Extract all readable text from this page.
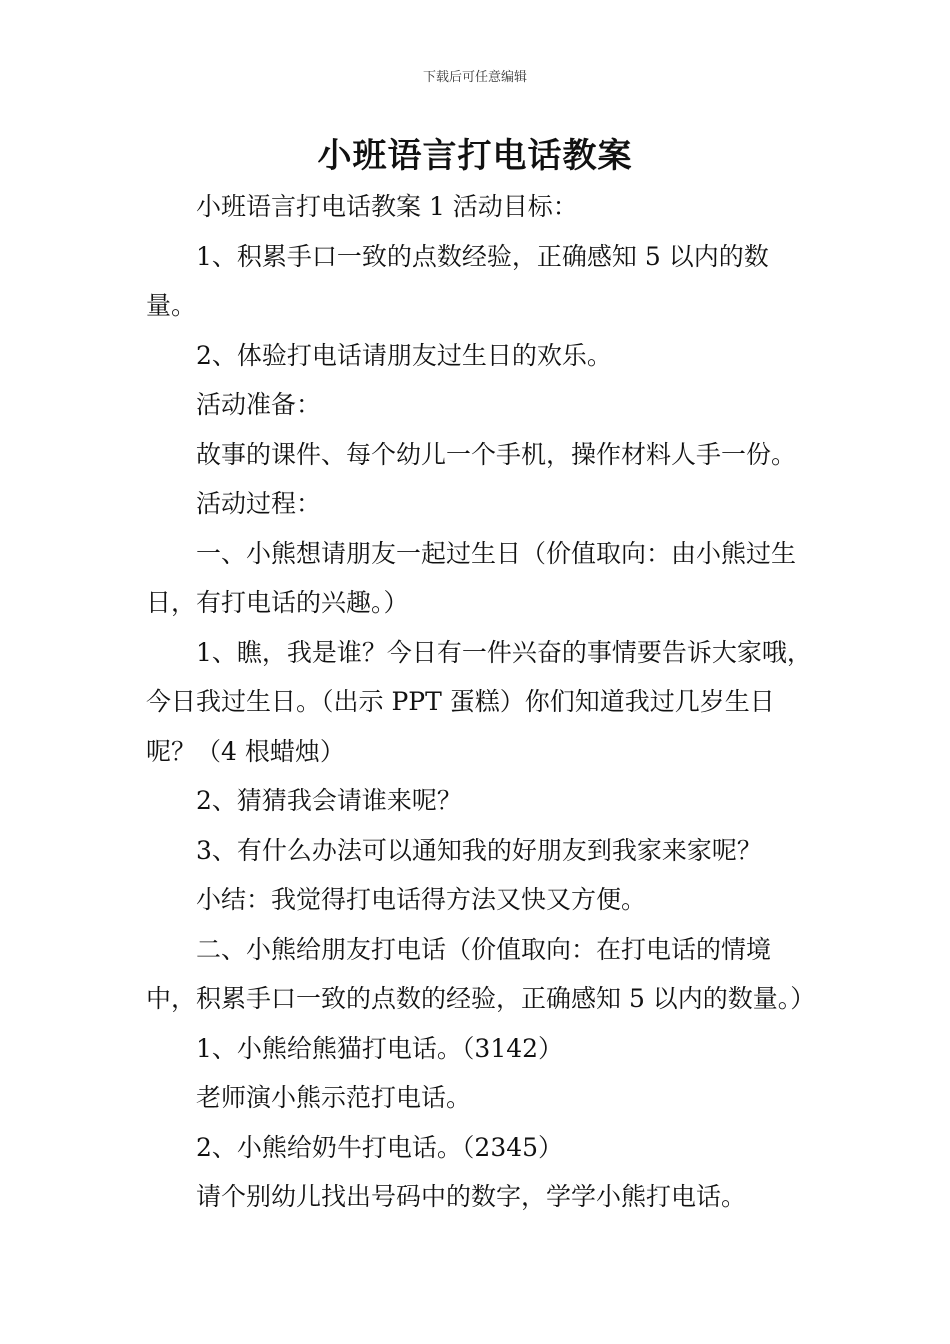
下载后可任意编辑
小班语言打电话教案

小班语言打电话教案 1 活动目标：

1、积累手口一致的点数经验，正确感知 5 以内的数量。

2、体验打电话请朋友过生日的欢乐。

活动准备：

故事的课件、每个幼儿一个手机，操作材料人手一份。

活动过程：

一、小熊想请朋友一起过生日（价值取向：由小熊过生日，有打电话的兴趣。）

1、瞧，我是谁？今日有一件兴奋的事情要告诉大家哦，今日我过生日。（出示 PPT 蛋糕）你们知道我过几岁生日呢？（4 根蜡烛）

2、猜猜我会请谁来呢？

3、有什么办法可以通知我的好朋友到我家来家呢？

小结：我觉得打电话得方法又快又方便。

二、小熊给朋友打电话（价值取向：在打电话的情境中，积累手口一致的点数的经验，正确感知 5 以内的数量。）

1、小熊给熊猫打电话。（3142）

老师演小熊示范打电话。

2、小熊给奶牛打电话。（2345）

请个别幼儿找出号码中的数字，学学小熊打电话。
